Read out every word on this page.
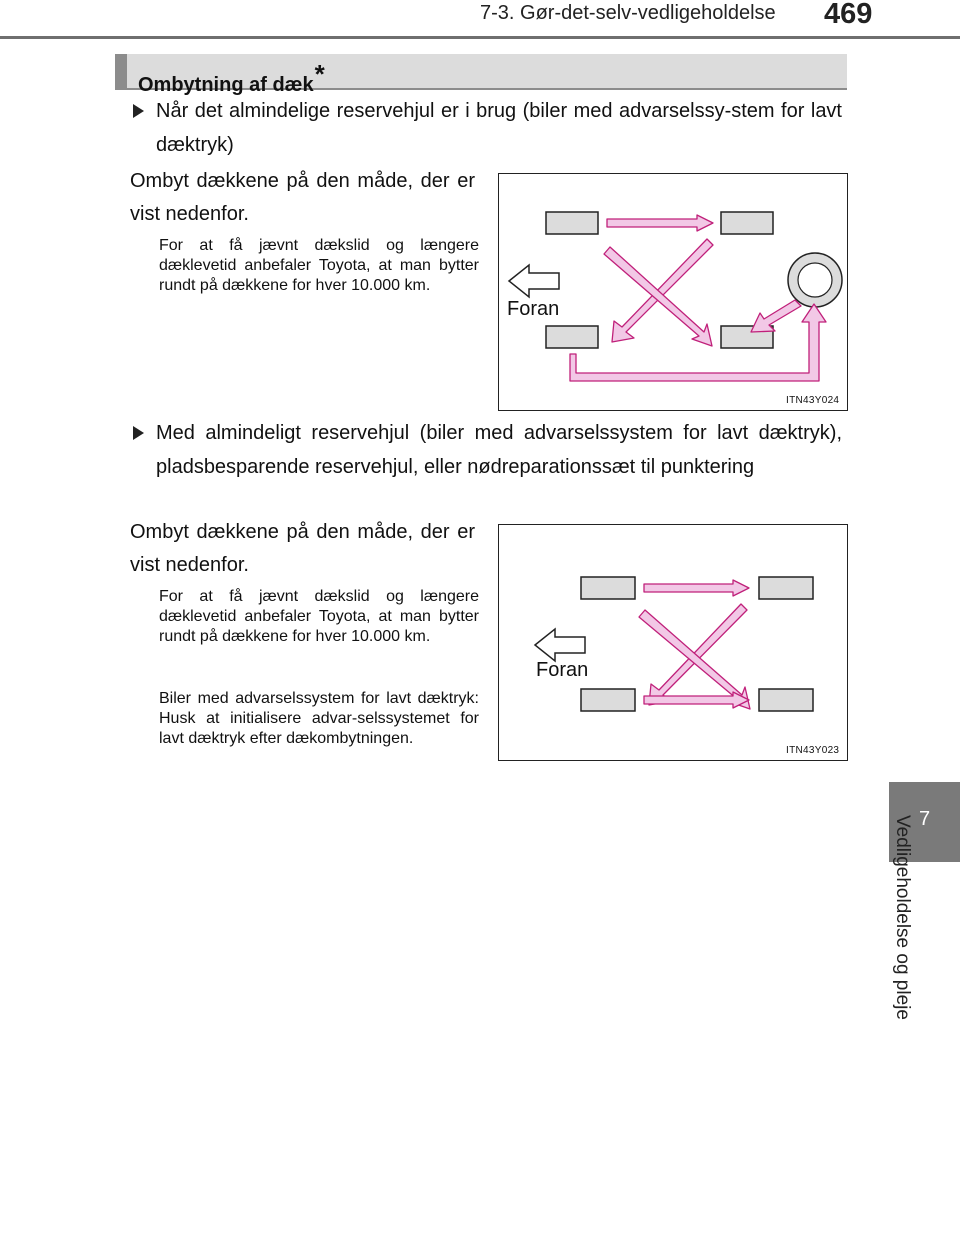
7-3. Gør-det-selv-vedligeholdelse 469
7
Vedligeholdelse og pleje
Ombytning af dæk*
Når det almindelige reservehjul er i brug (biler med advarselssy-stem for lavt dæktryk)
Ombyt dækkene på den måde, der er vist nedenfor.
For at få jævnt dækslid og længere dæklevetid anbefaler Toyota, at man bytter rundt på dækkene for hver 10.000 km.
Foran
ITN43Y024
Med almindeligt reservehjul (biler med advarselssystem for lavt dæktryk), pladsbesparende reservehjul, eller nødreparationssæt til punktering
Ombyt dækkene på den måde, der er vist nedenfor.
For at få jævnt dækslid og længere dæklevetid anbefaler Toyota, at man bytter rundt på dækkene for hver 10.000 km.
Biler med advarselssystem for lavt dæktryk: Husk at initialisere advar-selssystemet for lavt dæktryk efter dækombytningen.
Foran
ITN43Y023
